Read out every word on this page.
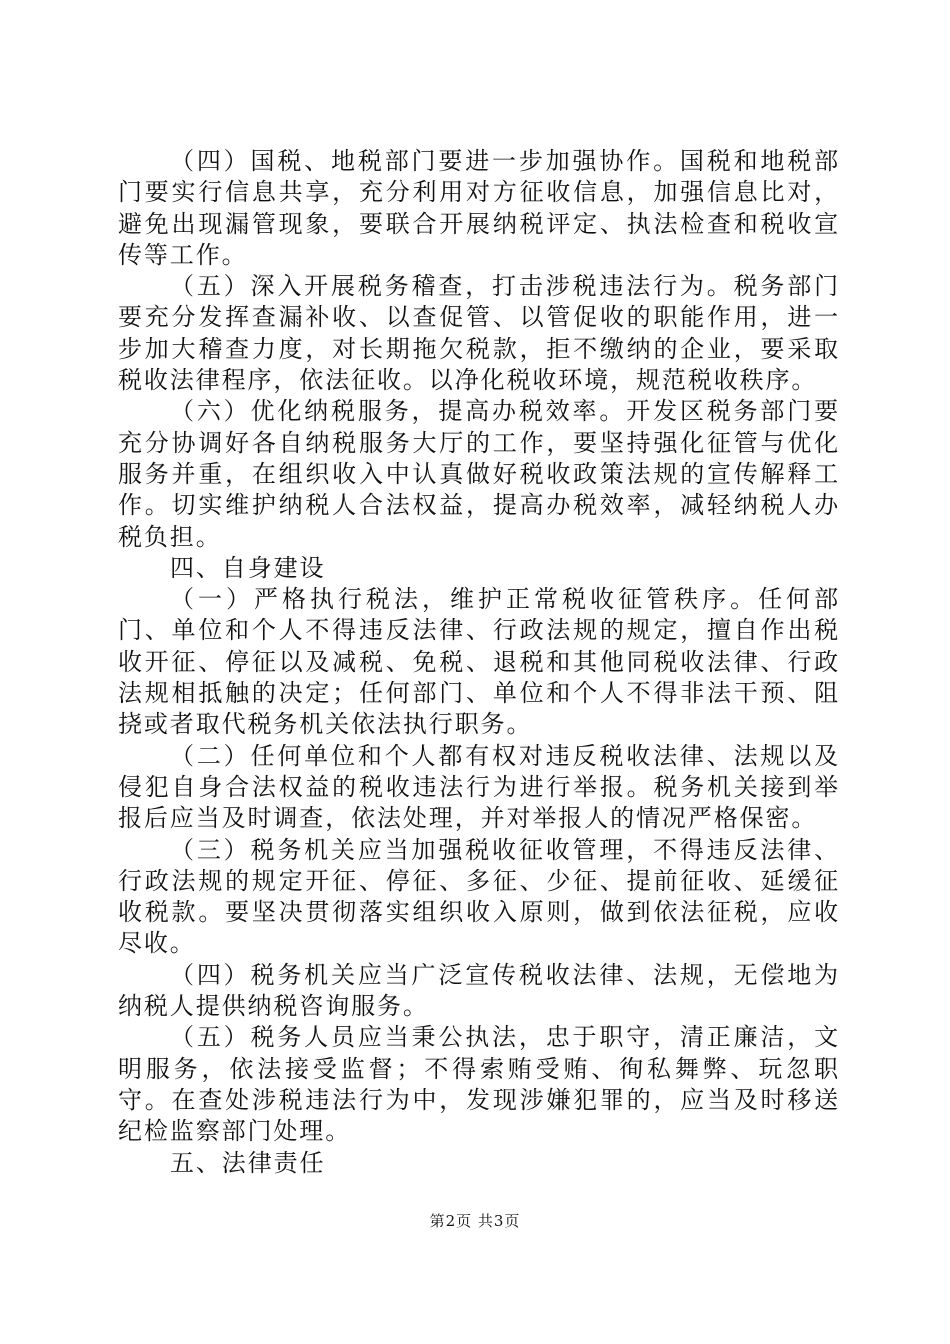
（四）国税、地税部门要进一步加强协作。国税和地税部门要实行信息共享，充分利用对方征收信息，加强信息比对，避免出现漏管现象，要联合开展纳税评定、执法检查和税收宣传等工作。

（五）深入开展税务稽查，打击涉税违法行为。税务部门要充分发挥查漏补收、以查促管、以管促收的职能作用，进一步加大稽查力度，对长期拖欠税款，拒不缴纳的企业，要采取税收法律程序，依法征收。以净化税收环境，规范税收秩序。

（六）优化纳税服务，提高办税效率。开发区税务部门要充分协调好各自纳税服务大厅的工作，要坚持强化征管与优化服务并重，在组织收入中认真做好税收政策法规的宣传解释工作。切实维护纳税人合法权益，提高办税效率，减轻纳税人办税负担。

四、自身建设

（一）严格执行税法，维护正常税收征管秩序。任何部门、单位和个人不得违反法律、行政法规的规定，擅自作出税收开征、停征以及减税、免税、退税和其他同税收法律、行政法规相抵触的决定；任何部门、单位和个人不得非法干预、阻挠或者取代税务机关依法执行职务。

（二）任何单位和个人都有权对违反税收法律、法规以及侵犯自身合法权益的税收违法行为进行举报。税务机关接到举报后应当及时调查，依法处理，并对举报人的情况严格保密。

（三）税务机关应当加强税收征收管理，不得违反法律、行政法规的规定开征、停征、多征、少征、提前征收、延缓征收税款。要坚决贯彻落实组织收入原则，做到依法征税，应收尽收。

（四）税务机关应当广泛宣传税收法律、法规，无偿地为纳税人提供纳税咨询服务。

（五）税务人员应当秉公执法，忠于职守，清正廉洁，文明服务，依法接受监督；不得索贿受贿、徇私舞弊、玩忽职守。在查处涉税违法行为中，发现涉嫌犯罪的，应当及时移送纪检监察部门处理。

五、法律责任

第2页 共3页
